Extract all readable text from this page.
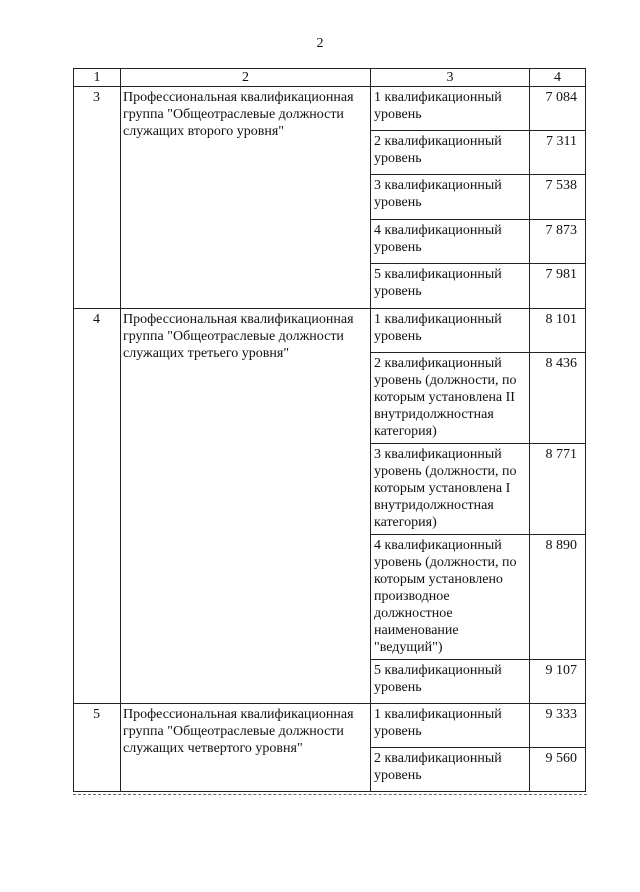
2
1	2	3	4
3	Профессиональная квалификационная группа "Общеотраслевые должности служащих второго уровня"	1 квалификационный уровень	7 084
		2 квалификационный уровень	7 311
		3 квалификационный уровень	7 538
		4 квалификационный уровень	7 873
		5 квалификационный уровень	7 981
4	Профессиональная квалификационная группа "Общеотраслевые должности служащих третьего уровня"	1 квалификационный уровень	8 101
		2 квалификационный уровень (должности, по которым установлена II внутридолжностная категория)	8 436
		3 квалификационный уровень (должности, по которым установлена I внутридолжностная категория)	8 771
		4 квалификационный уровень (должности, по которым установлено производное должностное наименование "ведущий")	8 890
		5 квалификационный уровень	9 107
5	Профессиональная квалификационная группа "Общеотраслевые должности служащих четвертого уровня"	1 квалификационный уровень	9 333
		2 квалификационный уровень	9 560
